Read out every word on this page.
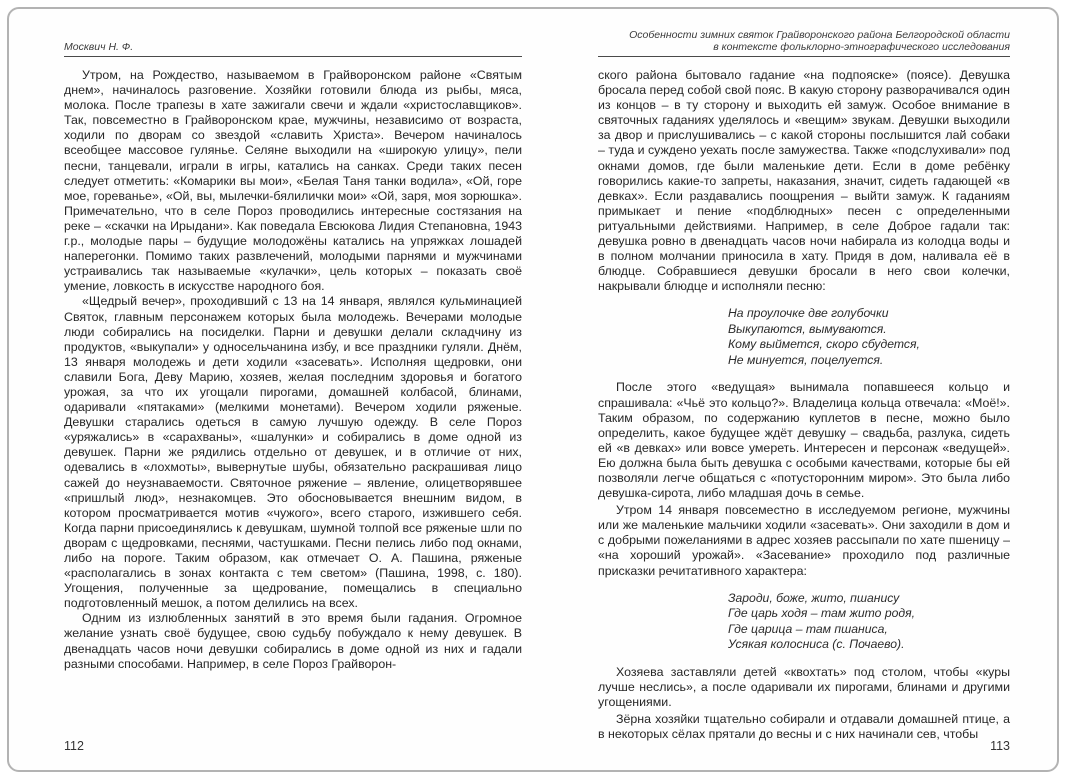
Москвич Н. Ф.

Утром, на Рождество, называемом в Грайворонском районе «Святым днем», начиналось разговение. Хозяйки готовили блюда из рыбы, мяса, молока. После трапезы в хате зажигали свечи и ждали «христославщиков». Так, повсеместно в Грайворонском крае, мужчины, независимо от возраста, ходили по дворам со звездой «славить Христа». Вечером начиналось всеобщее массовое гулянье. Селяне выходили на «широкую улицу», пели песни, танцевали, играли в игры, катались на санках. Среди таких песен следует отметить: «Комарики вы мои», «Белая Таня танки водила», «Ой, горе мое, гореванье», «Ой, вы, мылечки-бялилички мои» «Ой, заря, моя зорюшка». Примечательно, что в селе Пороз проводились интересные состязания на реке – «скачки на Ирыдани». Как поведала Евсюкова Лидия Степановна, 1943 г.р., молодые пары – будущие молодожёны катались на упряжках лошадей наперегонки. Помимо таких развлечений, молодыми парнями и мужчинами устраивались так называемые «кулачки», цель которых – показать своё умение, ловкость в искусстве народного боя.

«Щедрый вечер», проходивший с 13 на 14 января, являлся кульминацией Святок, главным персонажем которых была молодежь. Вечерами молодые люди собирались на посиделки. Парни и девушки делали складчину из продуктов, «выкупали» у односельчанина избу, и все праздники гуляли. Днём, 13 января молодежь и дети ходили «засевать». Исполняя щедровки, они славили Бога, Деву Марию, хозяев, желая последним здоровья и богатого урожая, за что их угощали пирогами, домашней колбасой, блинами, одаривали «пятаками» (мелкими монетами). Вечером ходили ряженые. Девушки старались одеться в самую лучшую одежду. В селе Пороз «уряжались» в «сарахваны», «шалунки» и собирались в доме одной из девушек. Парни же рядились отдельно от девушек, и в отличие от них, одевались в «лохмоты», вывернутые шубы, обязательно раскрашивая лицо сажей до неузнаваемости. Святочное ряжение – явление, олицетворявшее «пришлый люд», незнакомцев. Это обосновывается внешним видом, в котором просматривается мотив «чужого», всего старого, изжившего себя. Когда парни присоединялись к девушкам, шумной толпой все ряженые шли по дворам с щедровками, песнями, частушками. Песни пелись либо под окнами, либо на пороге. Таким образом, как отмечает О. А. Пашина, ряженые «располагались в зонах контакта с тем светом» (Пашина, 1998, с. 180). Угощения, полученные за щедрование, помещались в специально подготовленный мешок, а потом делились на всех.

Одним из излюбленных занятий в это время были гадания. Огромное желание узнать своё будущее, свою судьбу побуждало к нему девушек. В двенадцать часов ночи девушки собирались в доме одной из них и гадали разными способами. Например, в селе Пороз Грайворон-

112
Особенности зимних святок Грайворонского района Белгородской области
в контексте фольклорно-этнографического исследования

ского района бытовало гадание «на подпояске» (поясе). Девушка бросала перед собой свой пояс. В какую сторону разворачивался один из концов – в ту сторону и выходить ей замуж. Особое внимание в святочных гаданиях уделялось и «вещим» звукам. Девушки выходили за двор и прислушивались – с какой стороны послышится лай собаки – туда и суждено уехать после замужества. Также «подслухивали» под окнами домов, где были маленькие дети. Если в доме ребёнку говорились какие-то запреты, наказания, значит, сидеть гадающей «в девках». Если раздавались поощрения – выйти замуж. К гаданиям примыкает и пение «подблюдных» песен с определенными ритуальными действиями. Например, в селе Доброе гадали так: девушка ровно в двенадцать часов ночи набирала из колодца воды и в полном молчании приносила в хату. Придя в дом, наливала её в блюдце. Собравшиеся девушки бросали в него свои колечки, накрывали блюдце и исполняли песню:

На проулочке две голубочки
Выкупаются, вымуваются.
Кому выймется, скоро сбудется,
Не минуется, поцелуется.

После этого «ведущая» вынимала попавшееся кольцо и спрашивала: «Чьё это кольцо?». Владелица кольца отвечала: «Моё!». Таким образом, по содержанию куплетов в песне, можно было определить, какое будущее ждёт девушку – свадьба, разлука, сидеть ей «в девках» или вовсе умереть. Интересен и персонаж «ведущей». Ею должна была быть девушка с особыми качествами, которые бы ей позволяли легче общаться с «потусторонним миром». Это была либо девушка-сирота, либо младшая дочь в семье.

Утром 14 января повсеместно в исследуемом регионе, мужчины или же маленькие мальчики ходили «засевать». Они заходили в дом и с добрыми пожеланиями в адрес хозяев рассыпали по хате пшеницу – «на хороший урожай». «Засевание» проходило под различные присказки речитативного характера:

Зароди, боже, жито, пшанису
Где царь ходя – там жито родя,
Где царица – там пшаниса,
Усякая колосниса (с. Почаево).

Хозяева заставляли детей «квохтать» под столом, чтобы «куры лучше неслись», а после одаривали их пирогами, блинами и другими угощениями.

Зёрна хозяйки тщательно собирали и отдавали домашней птице, а в некоторых сёлах прятали до весны и с них начинали сев, чтобы

113
